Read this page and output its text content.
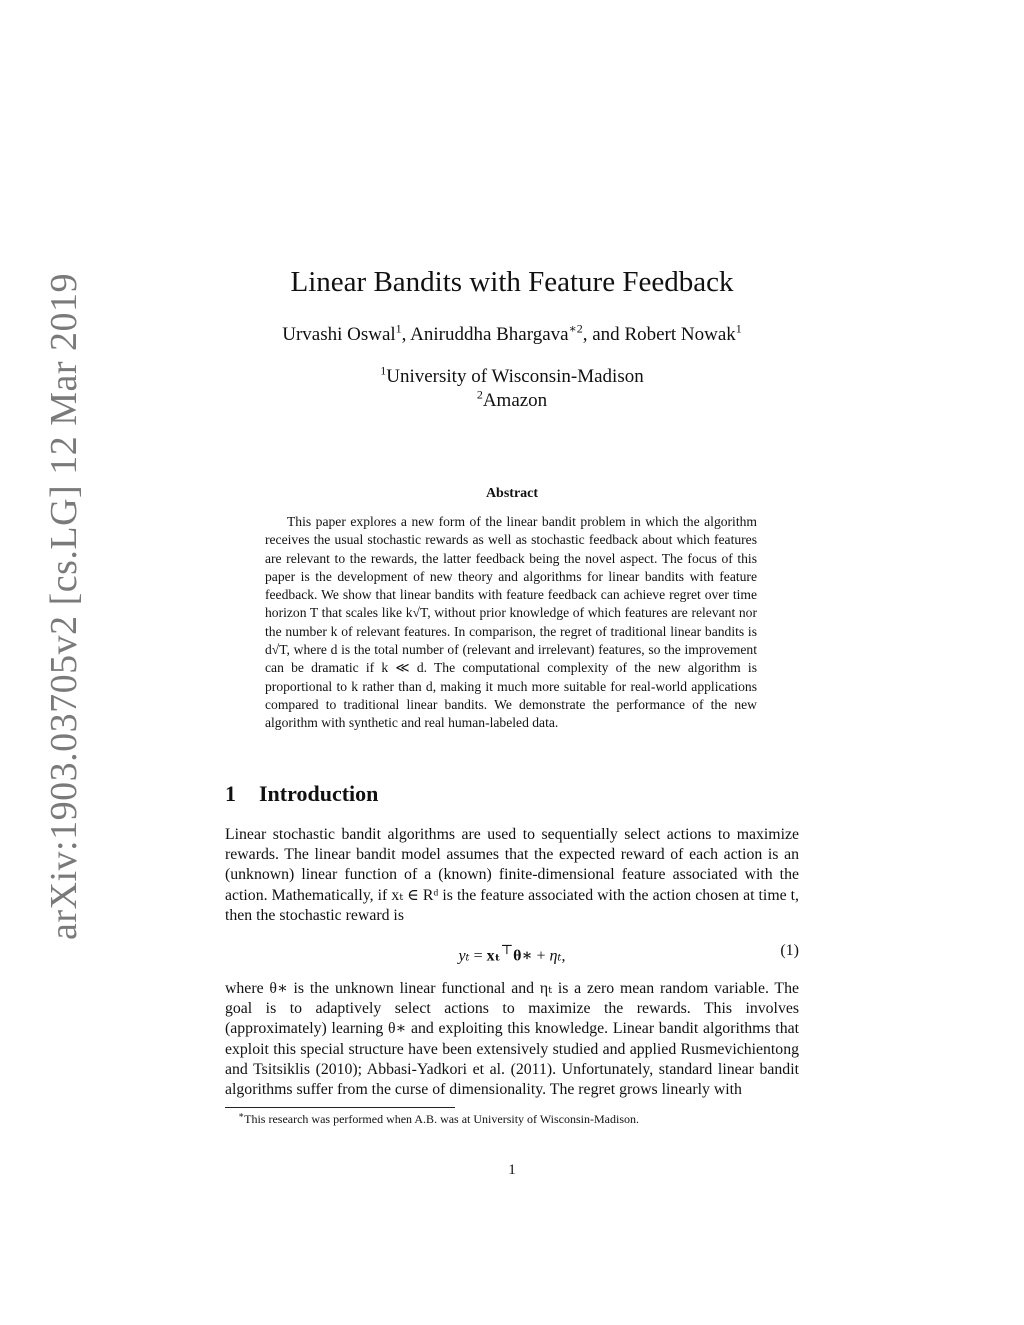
arXiv:1903.03705v2 [cs.LG] 12 Mar 2019	Linear Bandits with Feature Feedback
Urvashi Oswal$^1$, Aniruddha Bhargava$^{∗2}$, and Robert Nowak$^1$
$^1$University of Wisconsin-Madison
$^2$Amazon
Abstract

This paper explores a new form of the linear bandit problem in which the algorithm receives the usual stochastic rewards as well as stochastic feedback about which features are relevant to the rewards, the latter feedback being the novel aspect. The focus of this paper is the development of new theory and algorithms for linear bandits with feature feedback. We show that linear bandits with feature feedback can achieve regret over time horizon T that scales like k√T, without prior knowledge of which features are relevant nor the number k of relevant features. In comparison, the regret of traditional linear bandits is d√T, where d is the total number of (relevant and irrelevant) features, so the improvement can be dramatic if k ≪ d. The computational complexity of the new algorithm is proportional to k rather than d, making it much more suitable for real-world applications compared to traditional linear bandits. We demonstrate the performance of the new algorithm with synthetic and real human-labeled data.

1 Introduction

Linear stochastic bandit algorithms are used to sequentially select actions to maximize rewards. The linear bandit model assumes that the expected reward of each action is an (unknown) linear function of a (known) finite-dimensional feature associated with the action. Mathematically, if xₜ ∈ Rᵈ is the feature associated with the action chosen at time t, then the stochastic reward is

yₜ = xₜ⊤θ∗ + ηₜ,	(1)

where θ∗ is the unknown linear functional and ηₜ is a zero mean random variable. The goal is to adaptively select actions to maximize the rewards. This involves (approximately) learning θ∗ and exploiting this knowledge. Linear bandit algorithms that exploit this special structure have been extensively studied and applied Rusmevichientong and Tsitsiklis (2010); Abbasi-Yadkori et al. (2011). Unfortunately, standard linear bandit algorithms suffer from the curse of dimensionality. The regret grows linearly with

∗This research was performed when A.B. was at University of Wisconsin-Madison.
1
